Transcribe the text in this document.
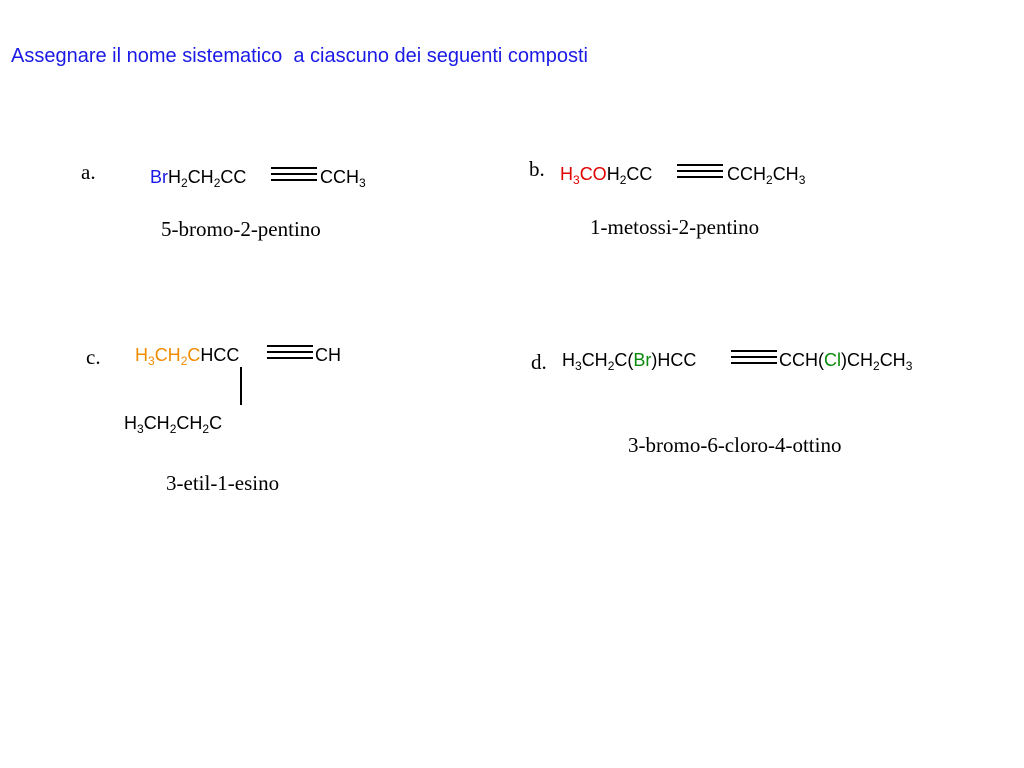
Assegnare il nome sistematico  a ciascuno dei seguenti composti
a.	$BrH_2CH_2CC$	$CCH_3$
5-bromo-2-pentino
b. $H_3COH_2CC$	$CCH_2CH_3$
1-metossi-2-pentino
c. $H_3CH_2CHCC$	CH
$H_3CH_2CH_2C$
3-etil-1-esino
d. $H_3CH_2C(Br)HCC$	$CCH(Cl)CH_2CH_3$
3-bromo-6-cloro-4-ottino
